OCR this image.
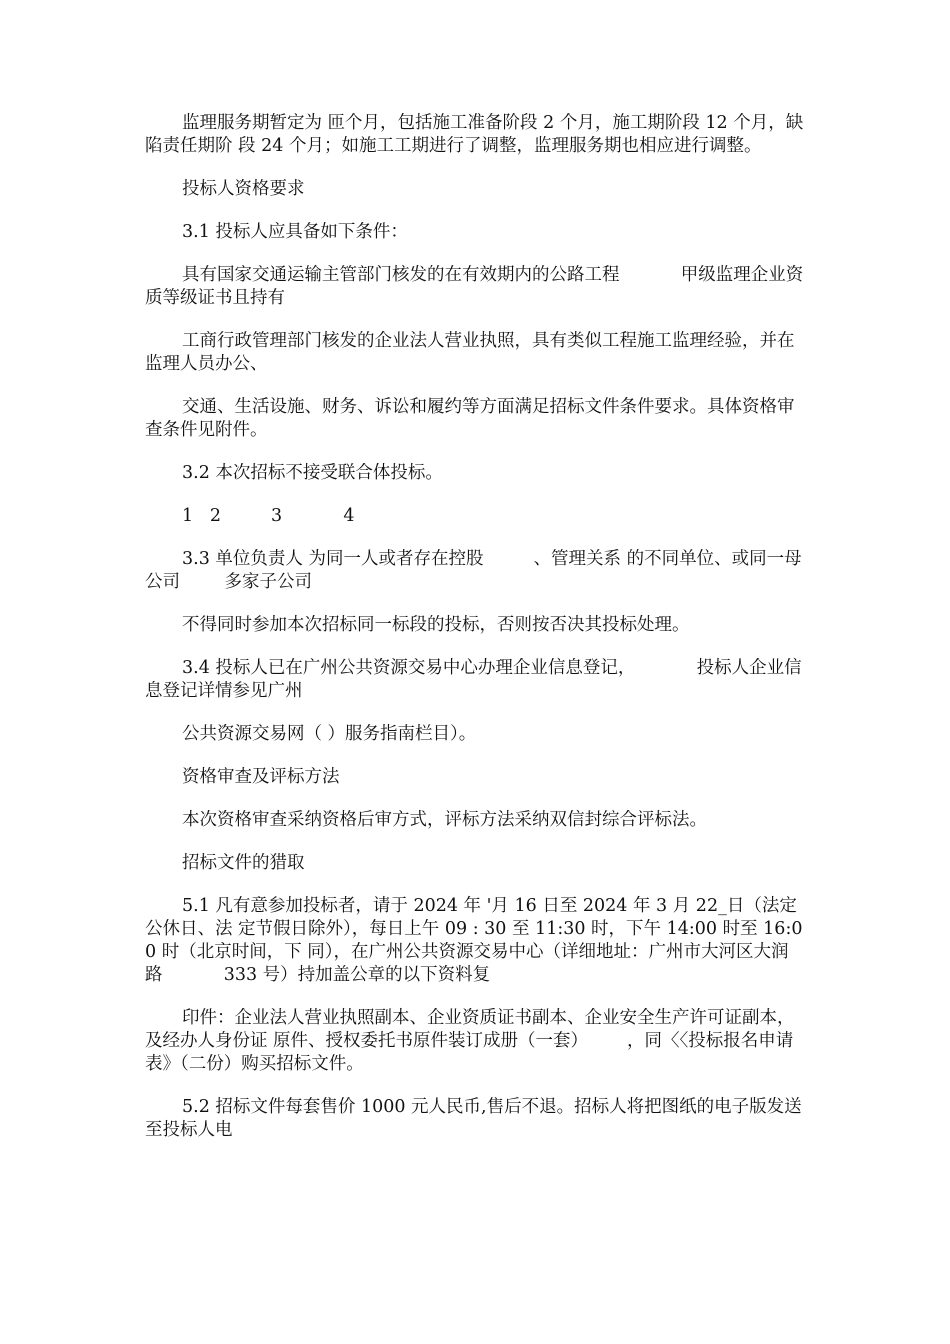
监理服务期暂定为 匝个月，包括施工准备阶段 2 个月，施工期阶段 12 个月，缺陷责任期阶 段 24 个月；如施工工期进行了调整，监理服务期也相应进行调整。

投标人资格要求

3.1 投标人应具备如下条件：

具有国家交通运输主管部门核发的在有效期内的公路工程           甲级监理企业资质等级证书且持有

工商行政管理部门核发的企业法人营业执照，具有类似工程施工监理经验，并在监理人员办公、

交通、生活设施、财务、诉讼和履约等方面满足招标文件条件要求。具体资格审查条件见附件。

3.2 本次招标不接受联合体投标。

1   2         3           4

3.3 单位负责人 为同一人或者存在控股         、管理关系 的不同单位、或同一母公司        多家子公司

不得同时参加本次招标同一标段的投标，否则按否决其投标处理。

3.4 投标人已在广州公共资源交易中心办理企业信息登记，           投标人企业信息登记详情参见广州

公共资源交易网（ ）服务指南栏目）。

资格审查及评标方法

本次资格审查采纳资格后审方式，评标方法采纳双信封综合评标法。

招标文件的猎取

5.1 凡有意参加投标者，请于 2024 年 '月 16 日至 2024 年 3 月 22_日（法定公休日、法 定节假日除外），每日上午 09 : 30 至 11:30 时，下午 14:00 时至 16:00 时（北京时间，下 同），在广州公共资源交易中心（详细地址：广州市大河区大润路           333 号）持加盖公章的以下资料复

印件：企业法人营业执照副本、企业资质证书副本、企业安全生产许可证副本，及经办人身份证 原件、授权委托书原件装订成册（一套）       ，同〈〈投标报名申请表》（二份）购买招标文件。

5.2 招标文件每套售价 1000 元人民币,售后不退。招标人将把图纸的电子版发送至投标人电
